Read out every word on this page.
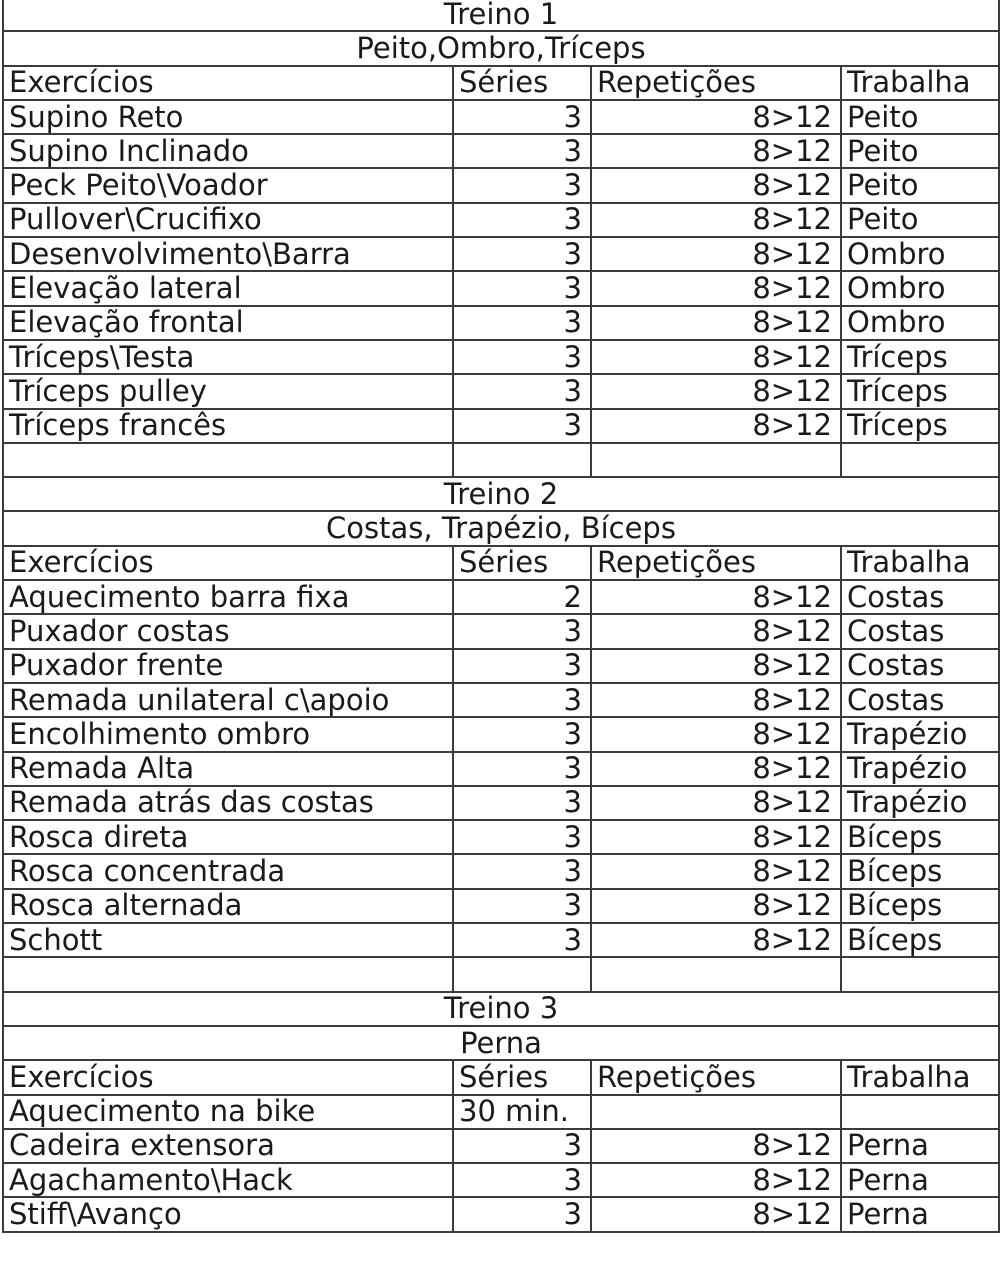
Treino 1			
Peito,Ombro,Tríceps			
Exercícios	Séries	Repetições	Trabalha
Supino Reto	3	8>12	Peito
Supino Inclinado	3	8>12	Peito
Peck Peito\Voador	3	8>12	Peito
Pullover\Crucifixo	3	8>12	Peito
Desenvolvimento\Barra	3	8>12	Ombro
Elevação lateral	3	8>12	Ombro
Elevação frontal	3	8>12	Ombro
Tríceps\Testa	3	8>12	Tríceps
Tríceps pulley	3	8>12	Tríceps
Tríceps francês	3	8>12	Tríceps

Treino 2			
Costas, Trapézio, Bíceps			
Exercícios	Séries	Repetições	Trabalha
Aquecimento barra fixa	2	8>12	Costas
Puxador costas	3	8>12	Costas
Puxador frente	3	8>12	Costas
Remada unilateral c\apoio	3	8>12	Costas
Encolhimento ombro	3	8>12	Trapézio
Remada Alta	3	8>12	Trapézio
Remada atrás das costas	3	8>12	Trapézio
Rosca direta	3	8>12	Bíceps
Rosca concentrada	3	8>12	Bíceps
Rosca alternada	3	8>12	Bíceps
Schott	3	8>12	Bíceps

Treino 3			
Perna			
Exercícios	Séries	Repetições	Trabalha
Aquecimento na bike	30 min.		
Cadeira extensora	3	8>12	Perna
Agachamento\Hack	3	8>12	Perna
Stiff\Avanço	3	8>12	Perna
